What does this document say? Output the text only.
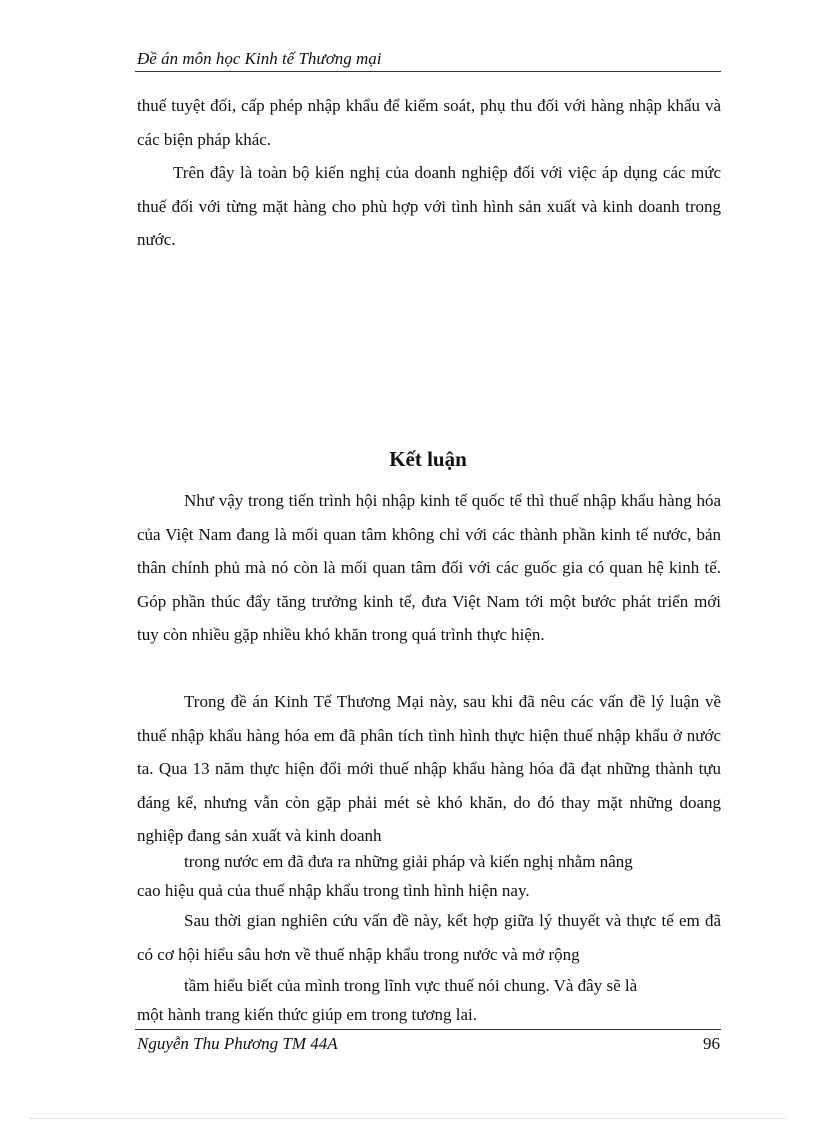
Đề án môn học Kinh tế Thương mại

thuế tuyệt đối, cấp phép nhập khẩu để kiểm soát, phụ thu đối với hàng nhập khẩu và các biện pháp khác.

Trên đây là toàn bộ kiến nghị của doanh nghiệp đối với việc áp dụng các mức thuế đối với từng mặt hàng cho phù hợp với tình hình sản xuất và kinh doanh trong nước.

Kết luận

Như vậy trong tiến trình hội nhập kinh tế quốc tế thì thuế nhập khẩu hàng hóa của Việt Nam đang là mối quan tâm không chỉ với các thành phần kinh tế nước, bản thân chính phủ mà nó còn là mối quan tâm đối với các guốc gia có quan hệ kinh tế. Góp phần thúc đẩy tăng trưởng kinh tế, đưa Việt Nam tới một bước phát triển mới tuy còn nhiều gặp nhiều khó khăn trong quá trình thực hiện.

Trong đề án Kinh Tế Thương Mại này, sau khi đã nêu các vấn đề lý luận về thuế nhập khẩu hàng hóa em đã phân tích tình hình thực hiện thuế nhập khẩu ở nước ta. Qua 13 năm thực hiện đổi mới thuế nhập khẩu hàng hóa đã đạt những thành tựu đáng kể, nhưng vẫn còn gặp phải mét sè khó khăn, do đó thay mặt những doang nghiệp đang sản xuất và kinh doanh

trong nước em đã đưa ra những giải pháp và kiến nghị nhằm nâng

cao hiệu quả của thuế nhập khẩu trong tình hình hiện nay.

Sau thời gian nghiên cứu vấn đề này, kết hợp giữa lý thuyết và thực tế em đã có cơ hội hiểu sâu hơn về thuế nhập khẩu trong nước và mở rộng

tầm hiểu biết của mình trong lĩnh vực thuế nói chung. Và đây sẽ là

một hành trang kiến thức giúp em trong tương lai.

Nguyễn Thu Phương TM 44A	96
